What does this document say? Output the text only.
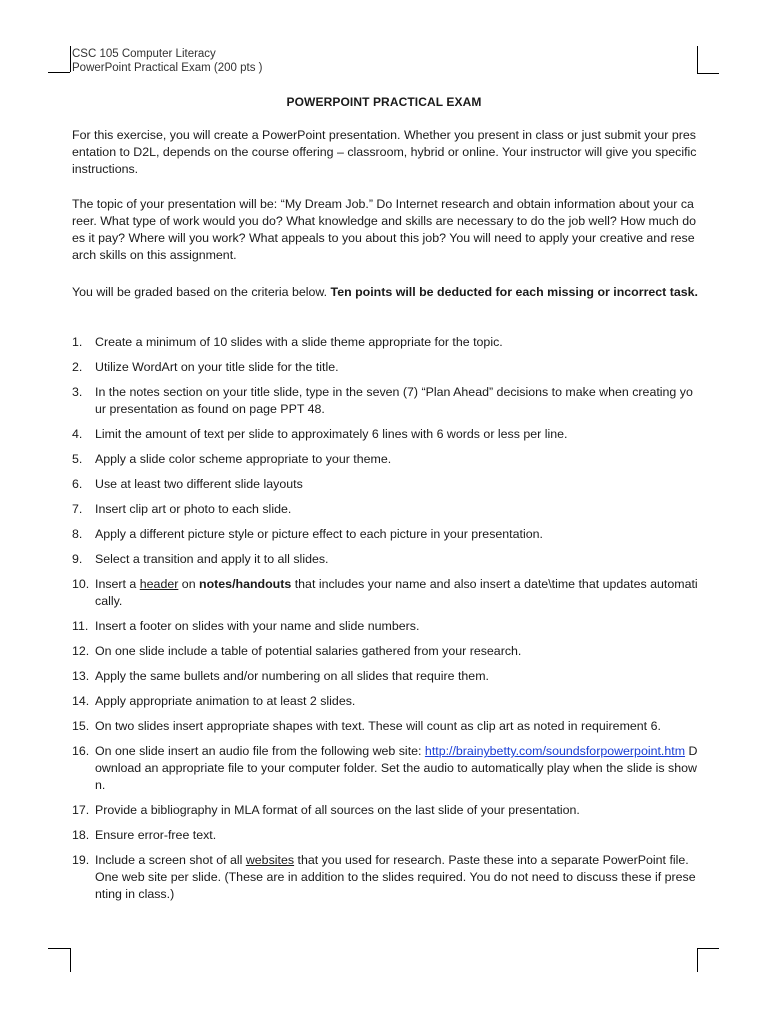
CSC 105 Computer Literacy
PowerPoint Practical Exam (200 pts )
POWERPOINT PRACTICAL EXAM
For this exercise, you will create a PowerPoint presentation. Whether you present in class or just submit your presentation to D2L, depends on the course offering – classroom, hybrid or online. Your instructor will give you specific instructions.
The topic of your presentation will be: “My Dream Job.” Do Internet research and obtain information about your career. What type of work would you do? What knowledge and skills are necessary to do the job well? How much does it pay? Where will you work? What appeals to you about this job? You will need to apply your creative and research skills on this assignment.
You will be graded based on the criteria below. Ten points will be deducted for each missing or incorrect task.
1. Create a minimum of 10 slides with a slide theme appropriate for the topic.
2. Utilize WordArt on your title slide for the title.
3. In the notes section on your title slide, type in the seven (7) “Plan Ahead” decisions to make when creating your presentation as found on page PPT 48.
4. Limit the amount of text per slide to approximately 6 lines with 6 words or less per line.
5. Apply a slide color scheme appropriate to your theme.
6. Use at least two different slide layouts
7. Insert clip art or photo to each slide.
8. Apply a different picture style or picture effect to each picture in your presentation.
9. Select a transition and apply it to all slides.
10. Insert a header on notes/handouts that includes your name and also insert a date\time that updates automatically.
11. Insert a footer on slides with your name and slide numbers.
12. On one slide include a table of potential salaries gathered from your research.
13. Apply the same bullets and/or numbering on all slides that require them.
14. Apply appropriate animation to at least 2 slides.
15. On two slides insert appropriate shapes with text. These will count as clip art as noted in requirement 6.
16. On one slide insert an audio file from the following web site: http://brainybetty.com/soundsforpowerpoint.htm Download an appropriate file to your computer folder. Set the audio to automatically play when the slide is shown.
17. Provide a bibliography in MLA format of all sources on the last slide of your presentation.
18. Ensure error-free text.
19. Include a screen shot of all websites that you used for research. Paste these into a separate PowerPoint file. One web site per slide. (These are in addition to the slides required. You do not need to discuss these if presenting in class.)
